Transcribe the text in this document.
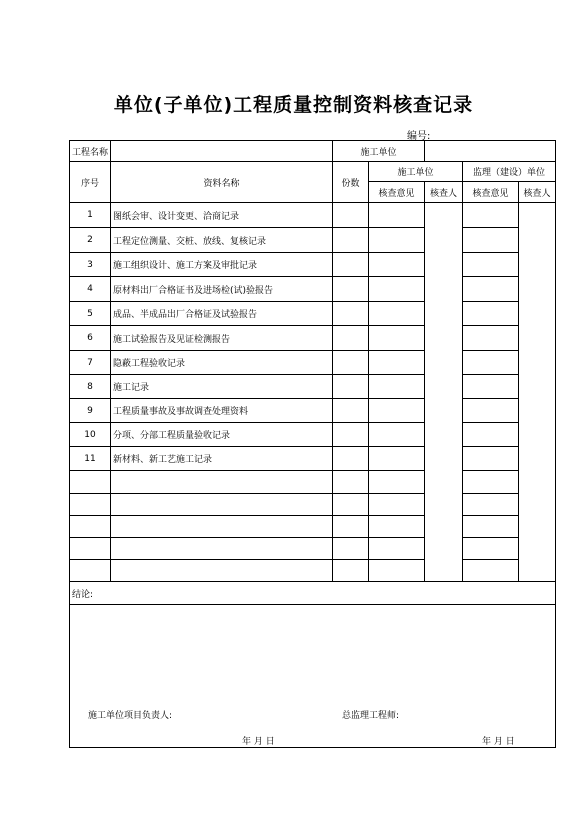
单位(子单位)工程质量控制资料核查记录
编号:
工程名称		施工单位				
序号	资料名称	份数	施工单位		监理（建设）单位	
			核查意见	核查人	核查意见	核查人
1	图纸会审、设计变更、洽商记录					
2	工程定位测量、交桩、放线、复核记录					
3	施工组织设计、施工方案及审批记录					
4	原材料出厂合格证书及进场检(试)验报告					
5	成品、半成品出厂合格证及试验报告					
6	施工试验报告及见证检测报告					
7	隐蔽工程验收记录					
8	施工记录					
9	工程质量事故及事故调查处理资料					
10	分项、分部工程质量验收记录					
11	新材料、新工艺施工记录					

结论:						

施工单位项目负责人: 总监理工程师:
年 月 日 年 月 日						
